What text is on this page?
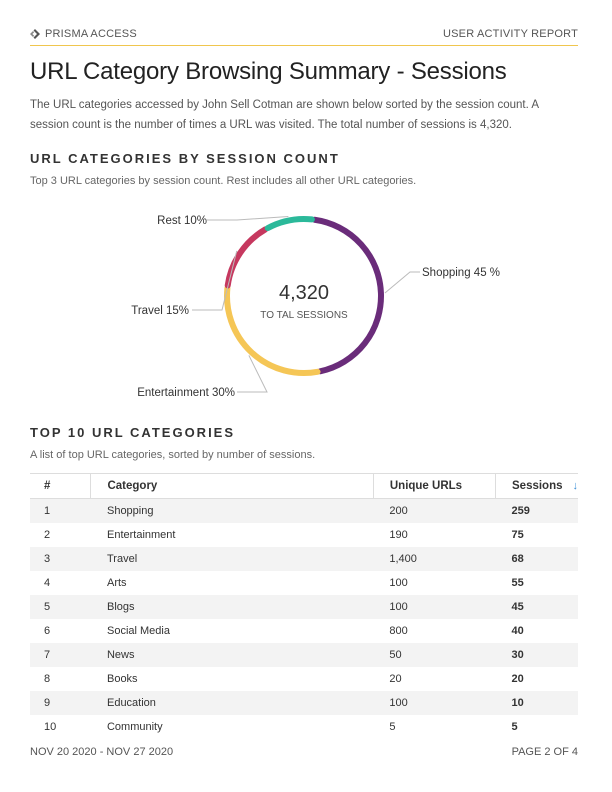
PRISMA ACCESS	USER ACTIVITY REPORT
URL Category Browsing Summary - Sessions

The URL categories accessed by John Sell Cotman are shown below sorted by the session count. A session count is the number of times a URL was visited. The total number of sessions is 4,320.

URL CATEGORIES BY SESSION COUNT

Top 3 URL categories by session count. Rest includes all other URL categories.

Shopping 45 %
Entertainment 30%
Travel 15%
Rest 10%
4,320
TO TAL SESSIONS
TOP 10 URL CATEGORIES

A list of top URL categories, sorted by number of sessions.

#	Category	Unique URLs	Sessions ↓
1	Shopping	200	259
2	Entertainment	190	75
3	Travel	1,400	68
4	Arts	100	55
5	Blogs	100	45
6	Social Media	800	40
7	News	50	30
8	Books	20	20
9	Education	100	10
10	Community	5	5
NOV 20 2020 - NOV 27 2020	PAGE 2 OF 4
